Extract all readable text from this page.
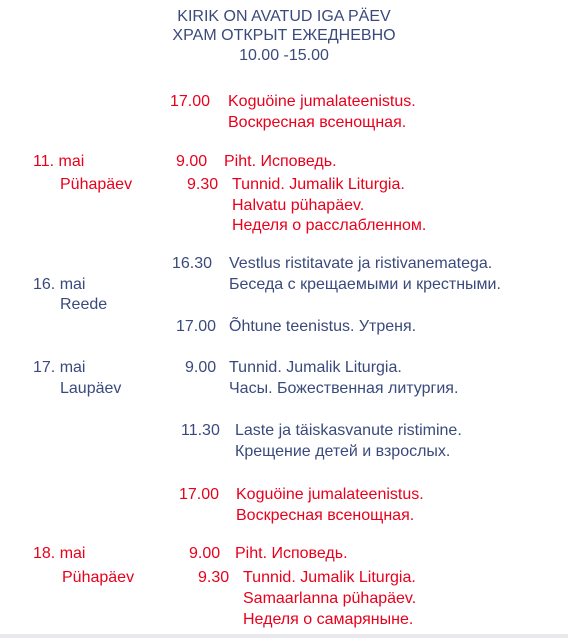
KIRIK ON AVATUD IGA PÄEV
ХРАМ ОТКРЫТ ЕЖЕДНЕВНО
10.00 -15.00
17.00 Koguöine jumalateenistus.
Воскресная всенощная.
11. mai
Pühapäev
9.00 Piht. Исповедь.
9.30 Tunnid. Jumalik Liturgia.
Halvatu pühapäev.
Неделя о расслабленном.
16. mai
Reede
16.30 Vestlus ristitavate ja ristivanematega.
Беседа с крещаемыми и крестными.
17.00 Õhtune teenistus. Утреня.
17. mai
Laupäev
9.00 Tunnid. Jumalik Liturgia.
Часы. Божественная литургия.
11.30 Laste ja täiskasvanute ristimine.
Крещение детей и взрослых.
17.00 Koguöine jumalateenistus.
Воскресная всенощная.
18. mai
Pühapäev
9.00 Piht. Исповедь.
9.30 Tunnid. Jumalik Liturgia.
Samaarlanna pühapäev.
Неделя о самаряныне.
